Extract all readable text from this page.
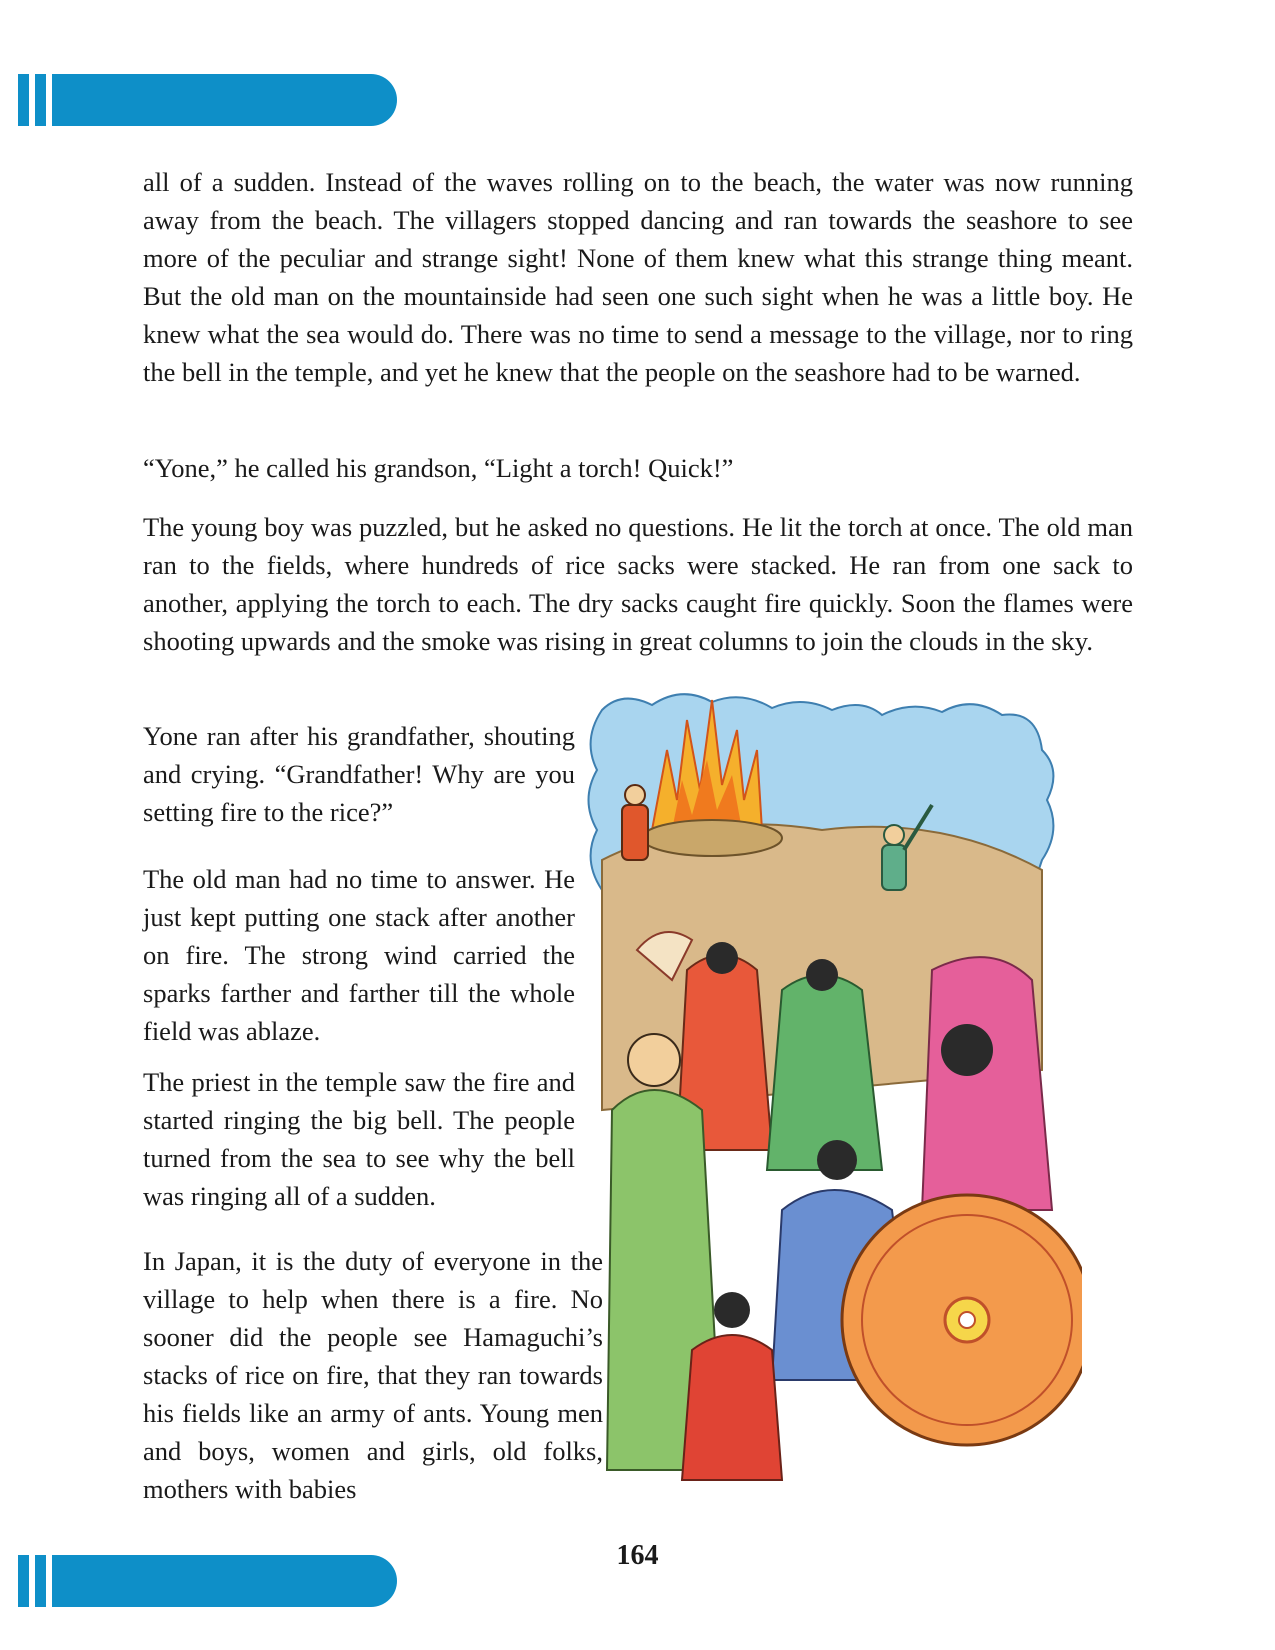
all of a sudden. Instead of the waves rolling on to the beach, the water was now running away from the beach. The villagers stopped dancing and ran towards the seashore to see more of the peculiar and strange sight! None of them knew what this strange thing meant. But the old man on the mountainside had seen one such sight when he was a little boy. He knew what the sea would do. There was no time to send a message to the village, nor to ring the bell in the temple, and yet he knew that the people on the seashore had to be warned.

“Yone,” he called his grandson, “Light a torch! Quick!”

The young boy was puzzled, but he asked no questions. He lit the torch at once. The old man ran to the fields, where hundreds of rice sacks were stacked. He ran from one sack to another, applying the torch to each. The dry sacks caught fire quickly. Soon the flames were shooting upwards and the smoke was rising in great columns to join the clouds in the sky.

Yone ran after his grandfather, shouting and crying. “Grandfather! Why are you setting fire to the rice?”

The old man had no time to answer. He just kept putting one stack after another on fire. The strong wind carried the sparks farther and farther till the whole field was ablaze.

The priest in the temple saw the fire and started ringing the big bell. The people turned from the sea to see why the bell was ringing all of a sudden.

In Japan, it is the duty of everyone in the village to help when there is a fire. No sooner did the people see Hamaguchi’s stacks of rice on fire, that they ran towards his fields like an army of ants. Young men and boys, women and girls, old folks, mothers with babies

164
